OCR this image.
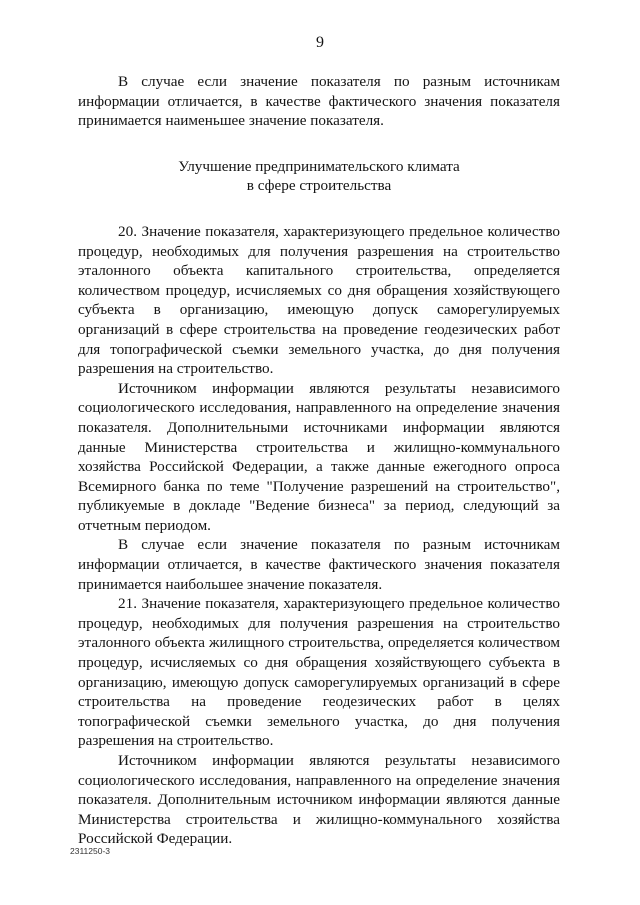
9

В случае если значение показателя по разным источникам информации отличается, в качестве фактического значения показателя принимается наименьшее значение показателя.

Улучшение предпринимательского климата
в сфере строительства

20. Значение показателя, характеризующего предельное количество процедур, необходимых для получения разрешения на строительство эталонного объекта капитального строительства, определяется количеством процедур, исчисляемых со дня обращения хозяйствующего субъекта в организацию, имеющую допуск саморегулируемых организаций в сфере строительства на проведение геодезических работ для топографической съемки земельного участка, до дня получения разрешения на строительство.

Источником информации являются результаты независимого социологического исследования, направленного на определение значения показателя. Дополнительными источниками информации являются данные Министерства строительства и жилищно-коммунального хозяйства Российской Федерации, а также данные ежегодного опроса Всемирного банка по теме "Получение разрешений на строительство", публикуемые в докладе "Ведение бизнеса" за период, следующий за отчетным периодом.

В случае если значение показателя по разным источникам информации отличается, в качестве фактического значения показателя принимается наибольшее значение показателя.

21. Значение показателя, характеризующего предельное количество процедур, необходимых для получения разрешения на строительство эталонного объекта жилищного строительства, определяется количеством процедур, исчисляемых со дня обращения хозяйствующего субъекта в организацию, имеющую допуск саморегулируемых организаций в сфере строительства на проведение геодезических работ в целях топографической съемки земельного участка, до дня получения разрешения на строительство.

Источником информации являются результаты независимого социологического исследования, направленного на определение значения показателя. Дополнительным источником информации являются данные Министерства строительства и жилищно-коммунального хозяйства Российской Федерации.

2311250-3
